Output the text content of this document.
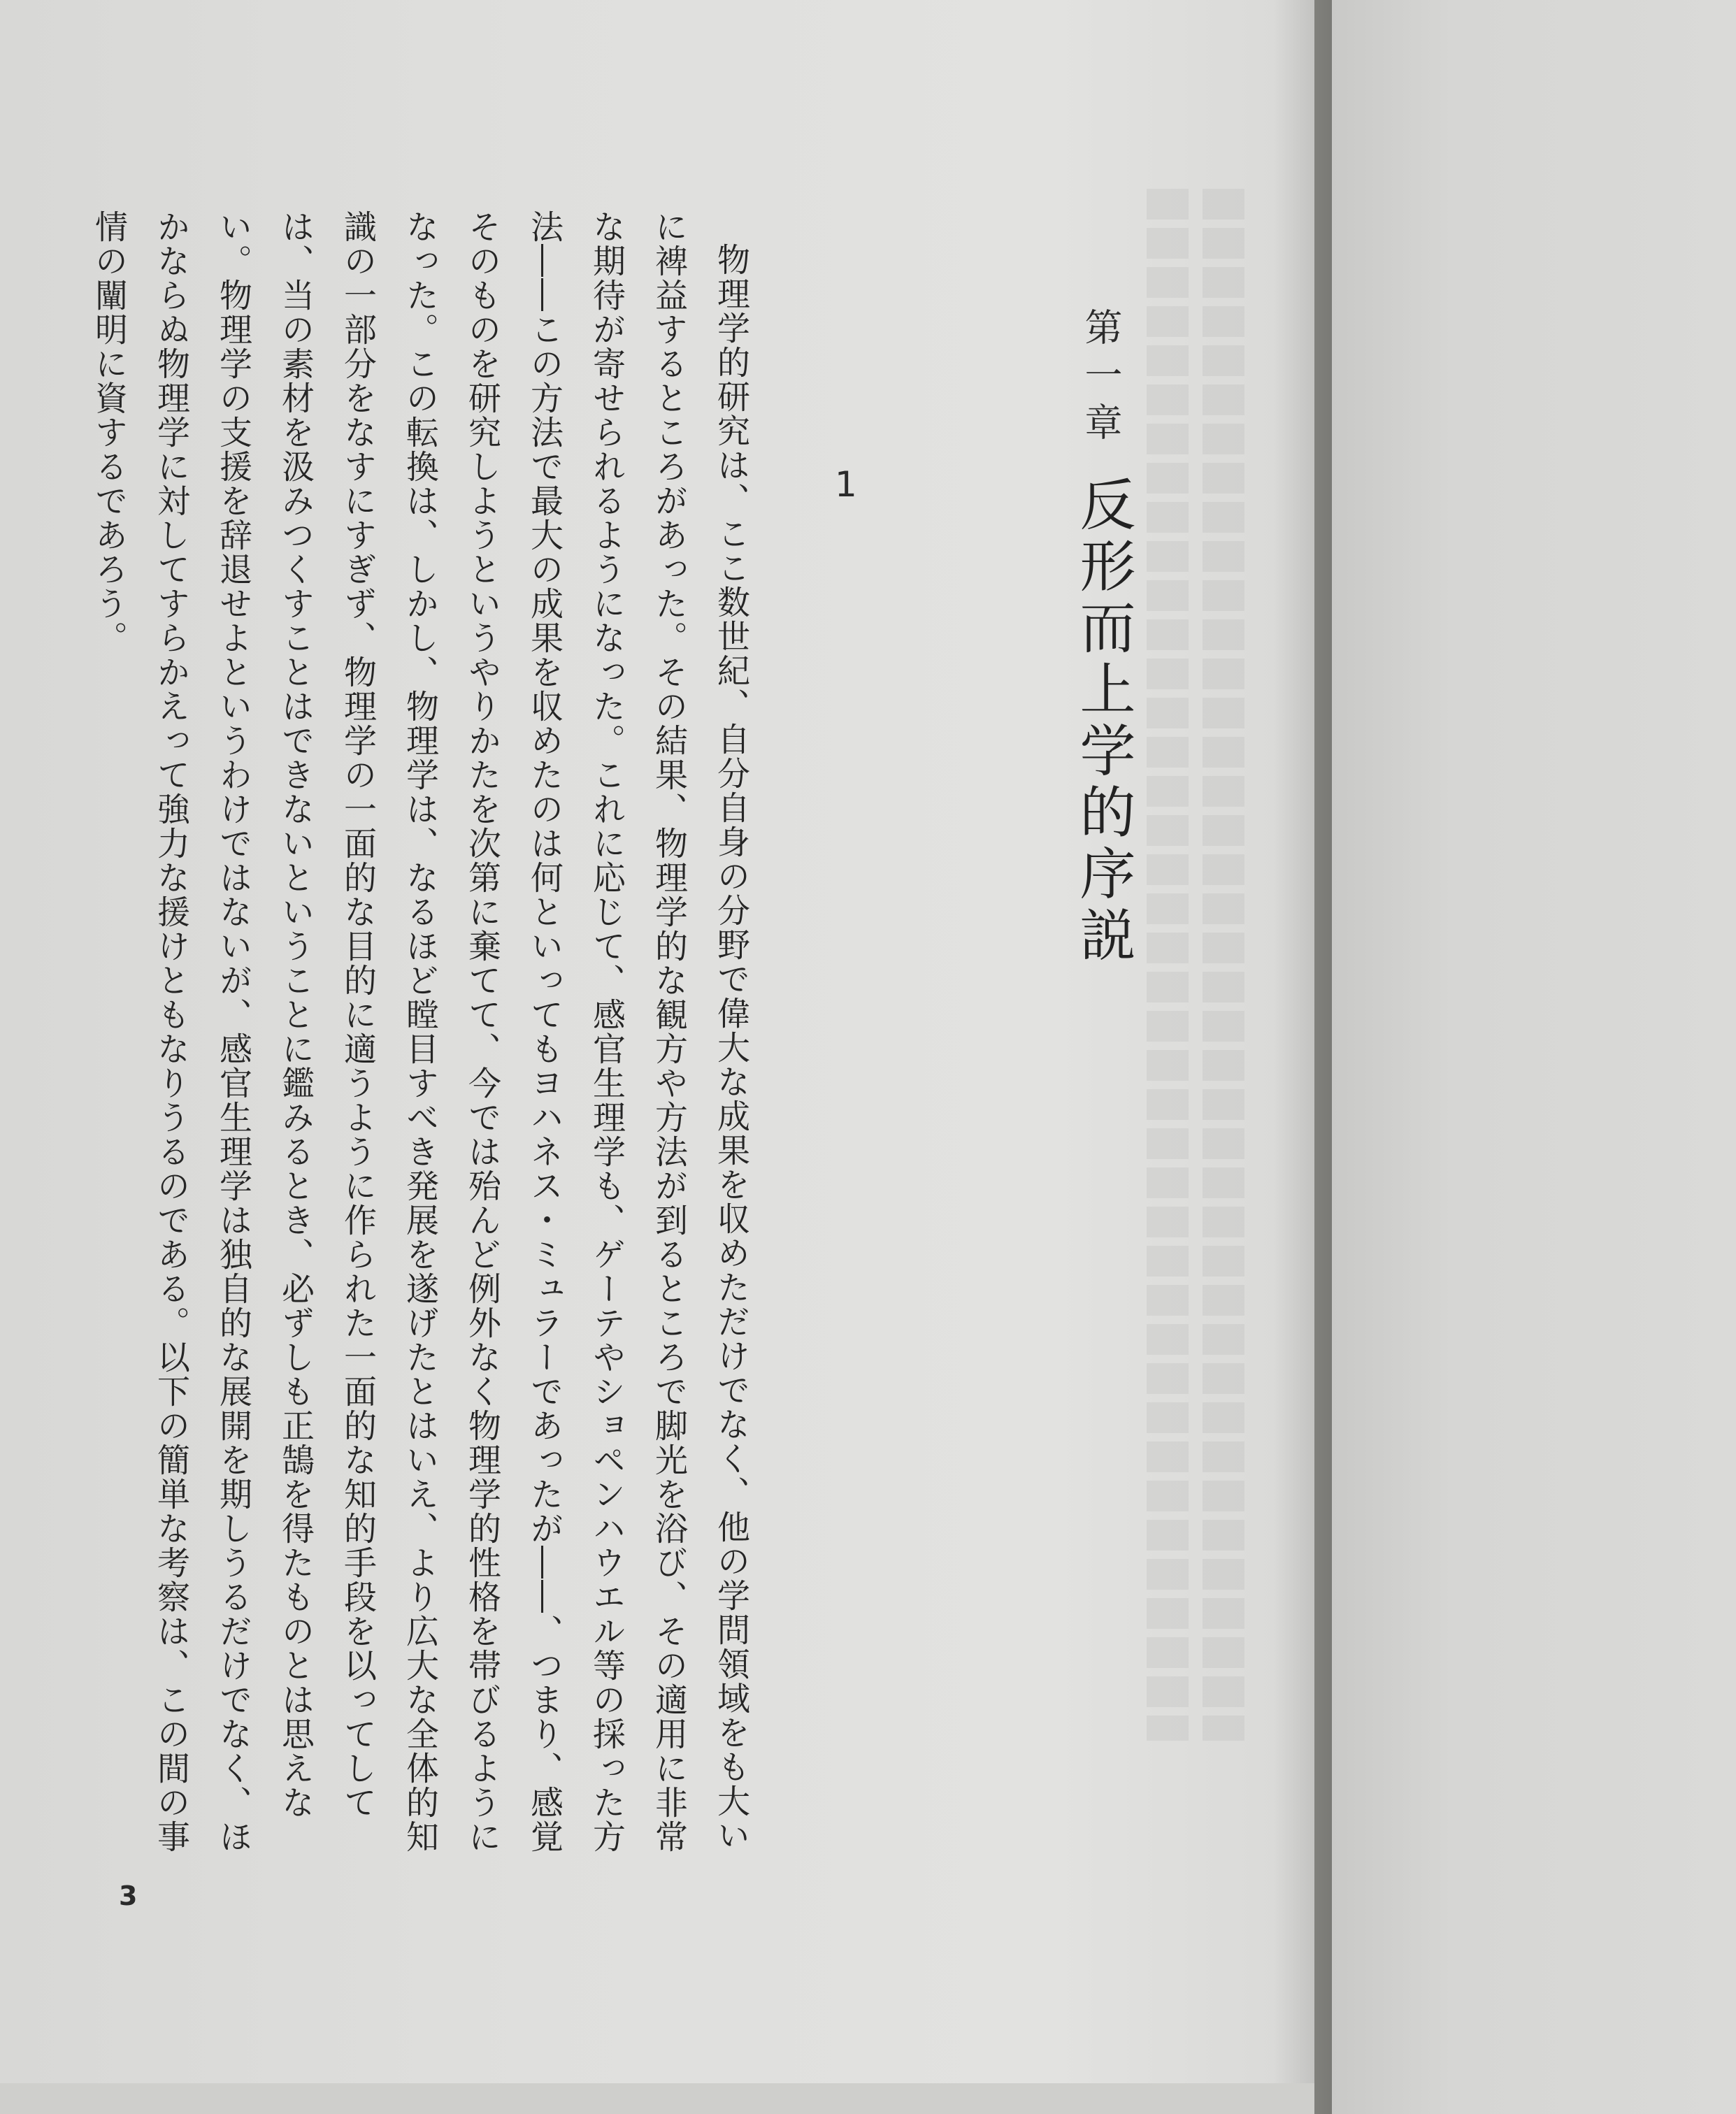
第一章
反形而上学的序説
1

物理学的研究は、ここ数世紀、自分自身の分野で偉大な成果を収めただけでなく、他の学問領域をも大いに裨益するところがあった。その結果、物理学的な観方や方法が到るところで脚光を浴び、その適用に非常な期待が寄せられるようになった。これに応じて、感官生理学も、ゲーテやショペンハウエル等の採った方法――この方法で最大の成果を収めたのは何といってもヨハネス・ミュラーであったが――、つまり、感覚そのものを研究しようというやりかたを次第に棄てて、今では殆んど例外なく物理学的性格を帯びるようになった。この転換は、しかし、物理学は、なるほど瞠目すべき発展を遂げたとはいえ、より広大な全体的知識の一部分をなすにすぎず、物理学の一面的な目的に適うように作られた一面的な知的手段を以ってしては、当の素材を汲みつくすことはできないということに鑑みるとき、必ずしも正鵠を得たものとは思えない。物理学の支援を辞退せよというわけではないが、感官生理学は独自的な展開を期しうるだけでなく、ほかならぬ物理学に対してすらかえって強力な援けともなりうるのである。以下の簡単な考察は、この間の事情の闡明に資するであろう。

3
